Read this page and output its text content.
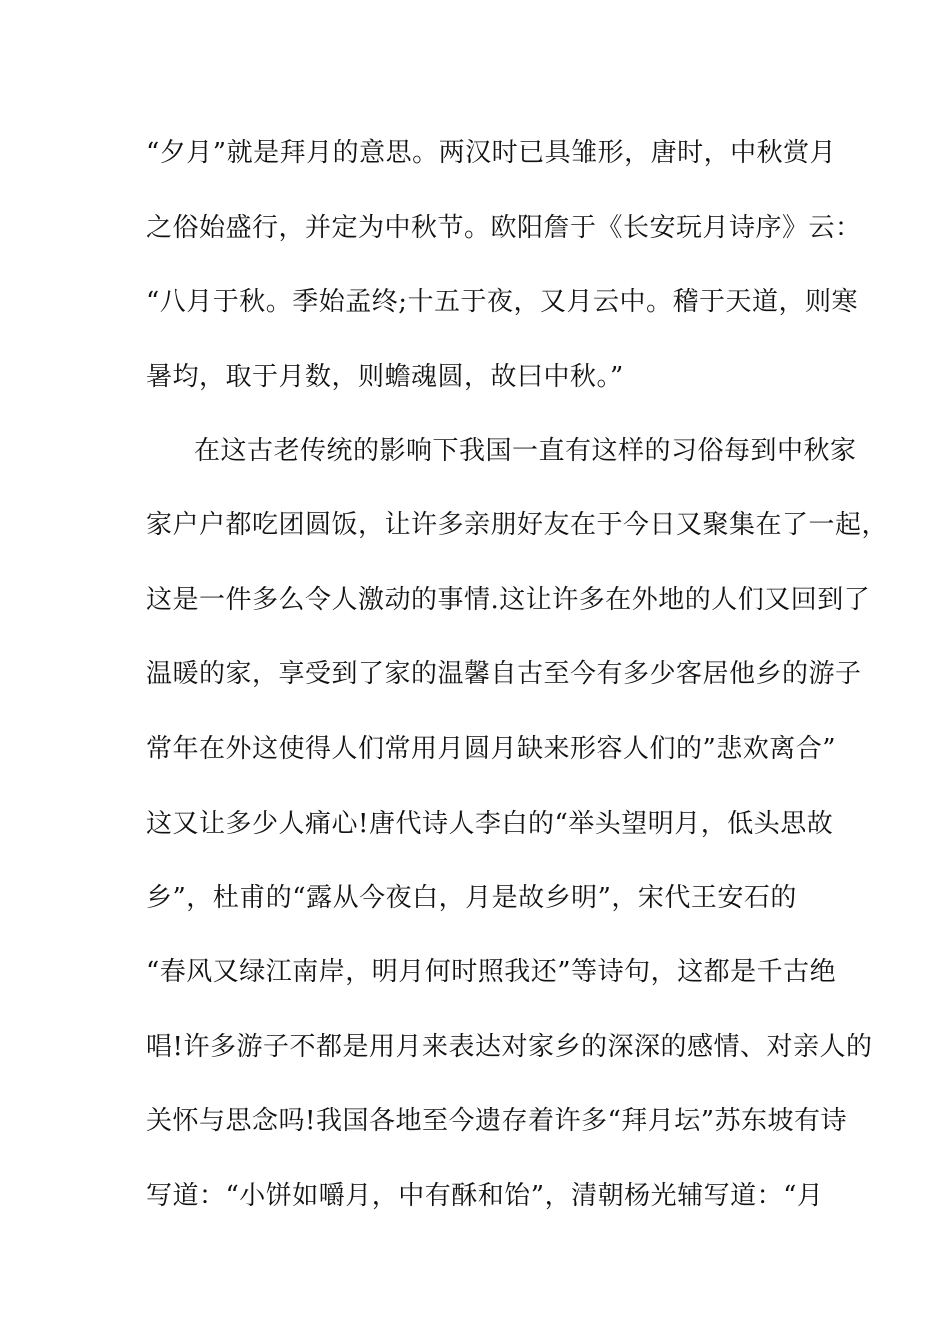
“夕月”就是拜月的意思。两汉时已具雏形，唐时，中秋赏月
之俗始盛行，并定为中秋节。欧阳詹于《长安玩月诗序》云：
“八月于秋。季始孟终;十五于夜，又月云中。稽于天道，则寒
暑均，取于月数，则蟾魂圆，故曰中秋。”
在这古老传统的影响下我国一直有这样的习俗每到中秋家
家户户都吃团圆饭，让许多亲朋好友在于今日又聚集在了一起，
这是一件多么令人激动的事情.这让许多在外地的人们又回到了
温暖的家，享受到了家的温馨自古至今有多少客居他乡的游子
常年在外这使得人们常用月圆月缺来形容人们的”悲欢离合”
这又让多少人痛心!唐代诗人李白的“举头望明月，低头思故
乡”，杜甫的“露从今夜白，月是故乡明”，宋代王安石的
“春风又绿江南岸，明月何时照我还”等诗句，这都是千古绝
唱!许多游子不都是用月来表达对家乡的深深的感情、对亲人的
关怀与思念吗!我国各地至今遗存着许多“拜月坛”苏东坡有诗
写道：“小饼如嚼月，中有酥和饴”，清朝杨光辅写道：“月
